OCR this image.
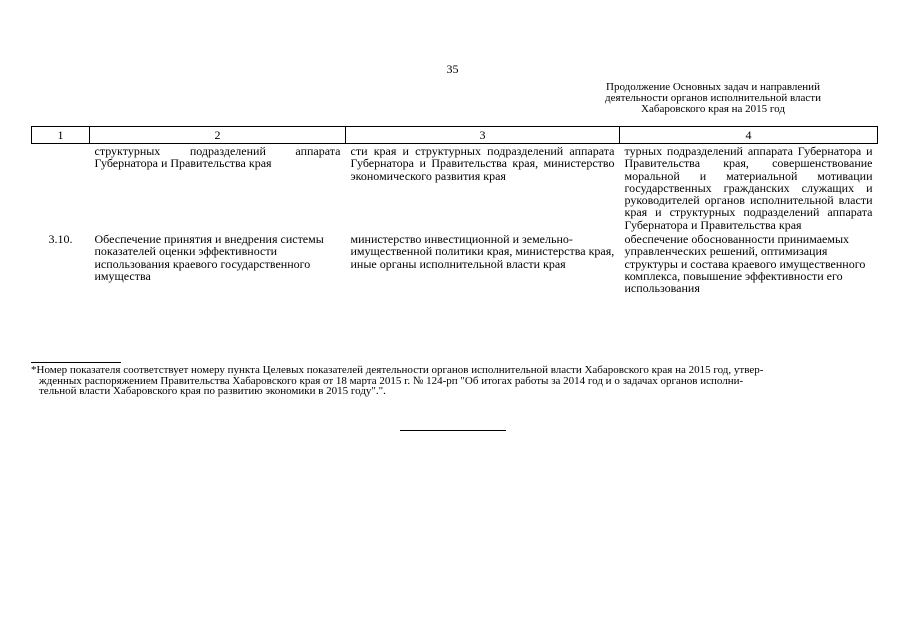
35
Продолжение Основных задач и направлений
деятельности органов исполнительной власти
Хабаровского края на 2015 год
1	2	3	4
	структурных подразделений аппарата Губернатора и Правительства края	сти края и структурных подразделений аппарата Губернатора и Правительства края, министерство экономического развития края	турных подразделений аппарата Губернатора и Правительства края, совершенствование моральной и материальной мотивации государственных гражданских служащих и руководителей органов исполнительной власти края и структурных подразделений аппарата Губернатора и Правительства края
3.10.	Обеспечение принятия и внедрения системы показателей оценки эффективности использования краевого государственного имущества	министерство инвестиционной и земельно-имущественной политики края, министерства края, иные органы исполнительной власти края	обеспечение обоснованности принимаемых управленческих решений, оптимизация структуры и состава краевого имущественного комплекса, повышение эффективности его использования
*Номер показателя соответствует номеру пункта Целевых показателей деятельности органов исполнительной власти Хабаровского края на 2015 год, утвер-
жденных распоряжением Правительства Хабаровского края от 18 марта 2015 г. № 124-рп "Об итогах работы за 2014 год и о задачах органов исполни-
тельной власти Хабаровского края по развитию экономики в 2015 году".".
